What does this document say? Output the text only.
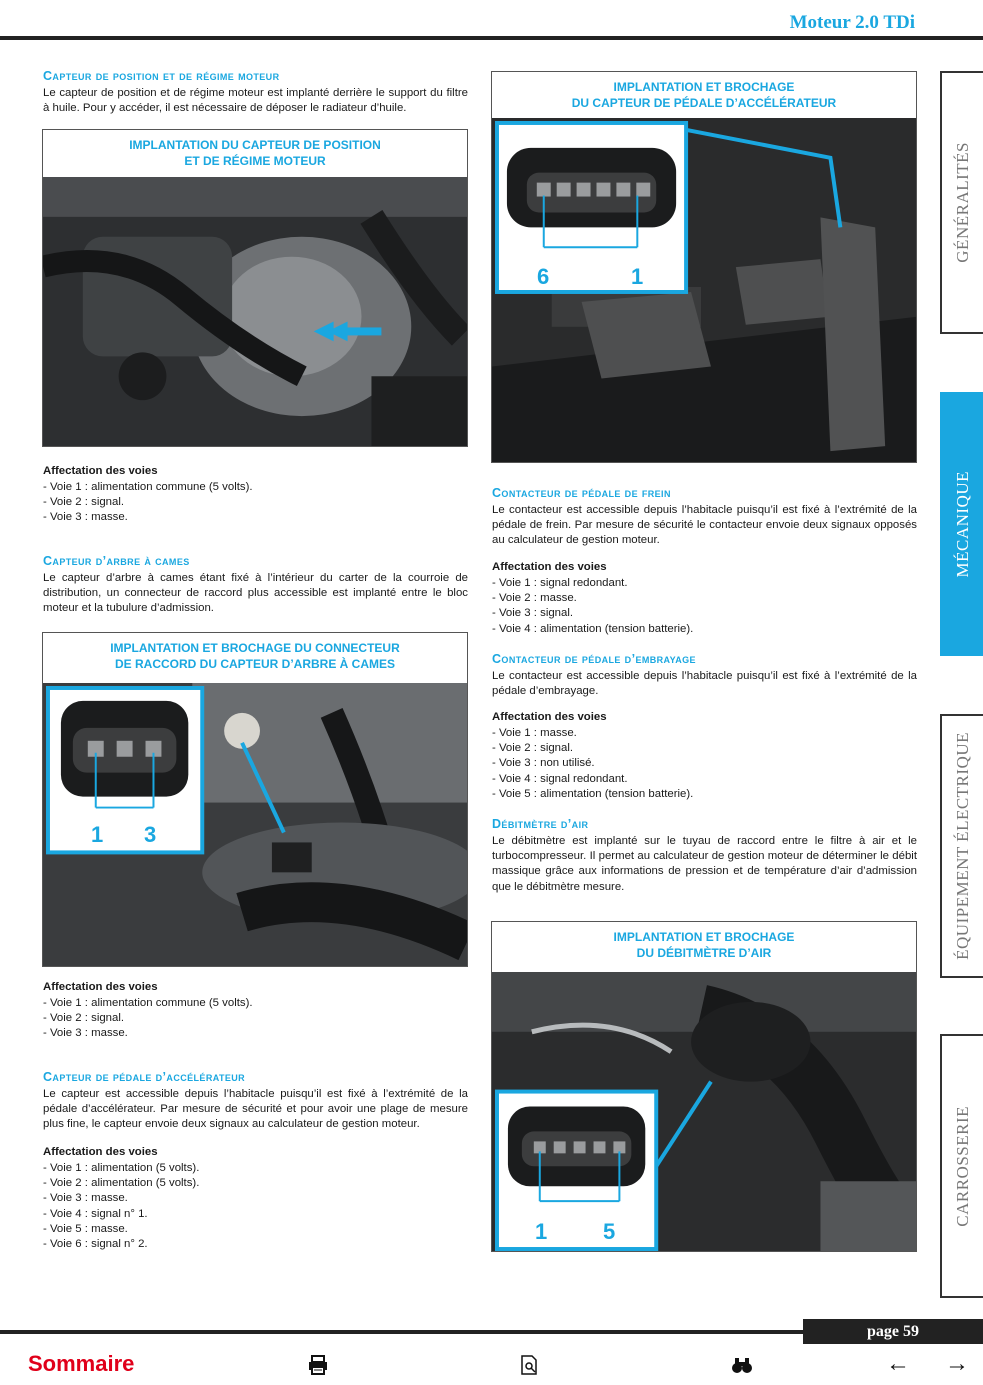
Moteur 2.0 TDi
Capteur de position et de régime moteur
Le capteur de position et de régime moteur est implanté derrière le support du filtre à huile. Pour y accéder, il est nécessaire de déposer le radiateur d’huile.
IMPLANTATION DU CAPTEUR DE POSITION
ET DE RÉGIME MOTEUR
Affectation des voies
- Voie 1 : alimentation commune (5 volts).
- Voie 2 : signal.
- Voie 3 : masse.
Capteur d’arbre à cames
Le capteur d’arbre à cames étant fixé à l’intérieur du carter de la courroie de distribution, un connecteur de raccord plus accessible est implanté entre le bloc moteur et la tubulure d’admission.
IMPLANTATION ET BROCHAGE DU CONNECTEUR
DE RACCORD DU CAPTEUR D’ARBRE À CAMES
1 3
Affectation des voies
- Voie 1 : alimentation commune (5 volts).
- Voie 2 : signal.
- Voie 3 : masse.
Capteur de pédale d’accélérateur
Le capteur est accessible depuis l’habitacle puisqu’il est fixé à l’extrémité de la pédale d’accélérateur. Par mesure de sécurité et pour avoir une plage de mesure plus fine, le capteur envoie deux signaux au calculateur de gestion moteur.
Affectation des voies
- Voie 1 : alimentation (5 volts).
- Voie 2 : alimentation (5 volts).
- Voie 3 : masse.
- Voie 4 : signal n° 1.
- Voie 5 : masse.
- Voie 6 : signal n° 2.
IMPLANTATION ET BROCHAGE
DU CAPTEUR DE PÉDALE D’ACCÉLÉRATEUR
6	1
Contacteur de pédale de frein
Le contacteur est accessible depuis l’habitacle puisqu’il est fixé à l’extrémité de la pédale de frein. Par mesure de sécurité le contacteur envoie deux signaux opposés au calculateur de gestion moteur.
Affectation des voies
- Voie 1 : signal redondant.
- Voie 2 : masse.
- Voie 3 : signal.
- Voie 4 : alimentation (tension batterie).
Contacteur de pédale d’embrayage
Le contacteur est accessible depuis l’habitacle puisqu’il est fixé à l’extrémité de la pédale d’embrayage.
Affectation des voies
- Voie 1 : masse.
- Voie 2 : signal.
- Voie 3 : non utilisé.
- Voie 4 : signal redondant.
- Voie 5 : alimentation (tension batterie).
Débitmètre d’air
Le débitmètre est implanté sur le tuyau de raccord entre le filtre à air et le turbocompresseur. Il permet au calculateur de gestion moteur de déterminer le débit massique grâce aux informations de pression et de température d’air d’admission que le débitmètre mesure.
IMPLANTATION ET BROCHAGE
DU DÉBITMÈTRE D’AIR
1	5
GÉNÉRALITÉS
MÉCANIQUE
ÉQUIPEMENT ÉLECTRIQUE
CARROSSERIE
page 59
Sommaire	← →
